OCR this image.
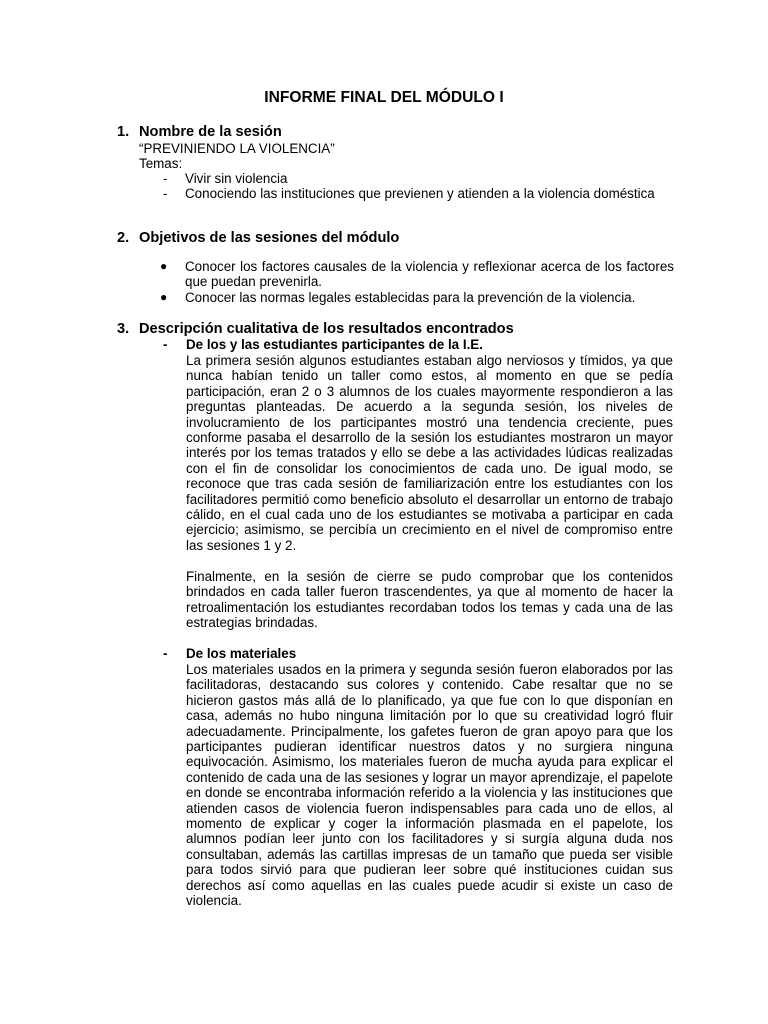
INFORME FINAL DEL MÓDULO I
1. Nombre de la sesión
“PREVINIENDO LA VIOLENCIA”
Temas:
- Vivir sin violencia
- Conociendo las instituciones que previenen y atienden a la violencia doméstica
2. Objetivos de las sesiones del módulo
● Conocer los factores causales de la violencia y reflexionar acerca de los factores que puedan prevenirla.
● Conocer las normas legales establecidas para la prevención de la violencia.
3. Descripción cualitativa de los resultados encontrados
- De los y las estudiantes participantes de la I.E.
La primera sesión algunos estudiantes estaban algo nerviosos y tímidos, ya que nunca habían tenido un taller como estos, al momento en que se pedía participación, eran 2 o 3 alumnos de los cuales mayormente respondieron a las preguntas planteadas. De acuerdo a la segunda sesión, los niveles de involucramiento de los participantes mostró una tendencia creciente, pues conforme pasaba el desarrollo de la sesión los estudiantes mostraron un mayor interés por los temas tratados y ello se debe a las actividades lúdicas realizadas con el fin de consolidar los conocimientos de cada uno. De igual modo, se reconoce que tras cada sesión de familiarización entre los estudiantes con los facilitadores permitió como beneficio absoluto el desarrollar un entorno de trabajo cálido, en el cual cada uno de los estudiantes se motivaba a participar en cada ejercicio; asimismo, se percibía un crecimiento en el nivel de compromiso entre las sesiones 1 y 2.
Finalmente, en la sesión de cierre se pudo comprobar que los contenidos brindados en cada taller fueron trascendentes, ya que al momento de hacer la retroalimentación los estudiantes recordaban todos los temas y cada una de las estrategias brindadas.
- De los materiales
Los materiales usados en la primera y segunda sesión fueron elaborados por las facilitadoras, destacando sus colores y contenido. Cabe resaltar que no se hicieron gastos más allá de lo planificado, ya que fue con lo que disponían en casa, además no hubo ninguna limitación por lo que su creatividad logró fluir adecuadamente. Principalmente, los gafetes fueron de gran apoyo para que los participantes pudieran identificar nuestros datos y no surgiera ninguna equivocación. Asimismo, los materiales fueron de mucha ayuda para explicar el contenido de cada una de las sesiones y lograr un mayor aprendizaje, el papelote en donde se encontraba información referido a la violencia y las instituciones que atienden casos de violencia fueron indispensables para cada uno de ellos, al momento de explicar y coger la información plasmada en el papelote, los alumnos podían leer junto con los facilitadores y si surgía alguna duda nos consultaban, además las cartillas impresas de un tamaño que pueda ser visible para todos sirvió para que pudieran leer sobre qué instituciones cuidan sus derechos así como aquellas en las cuales puede acudir si existe un caso de violencia.
